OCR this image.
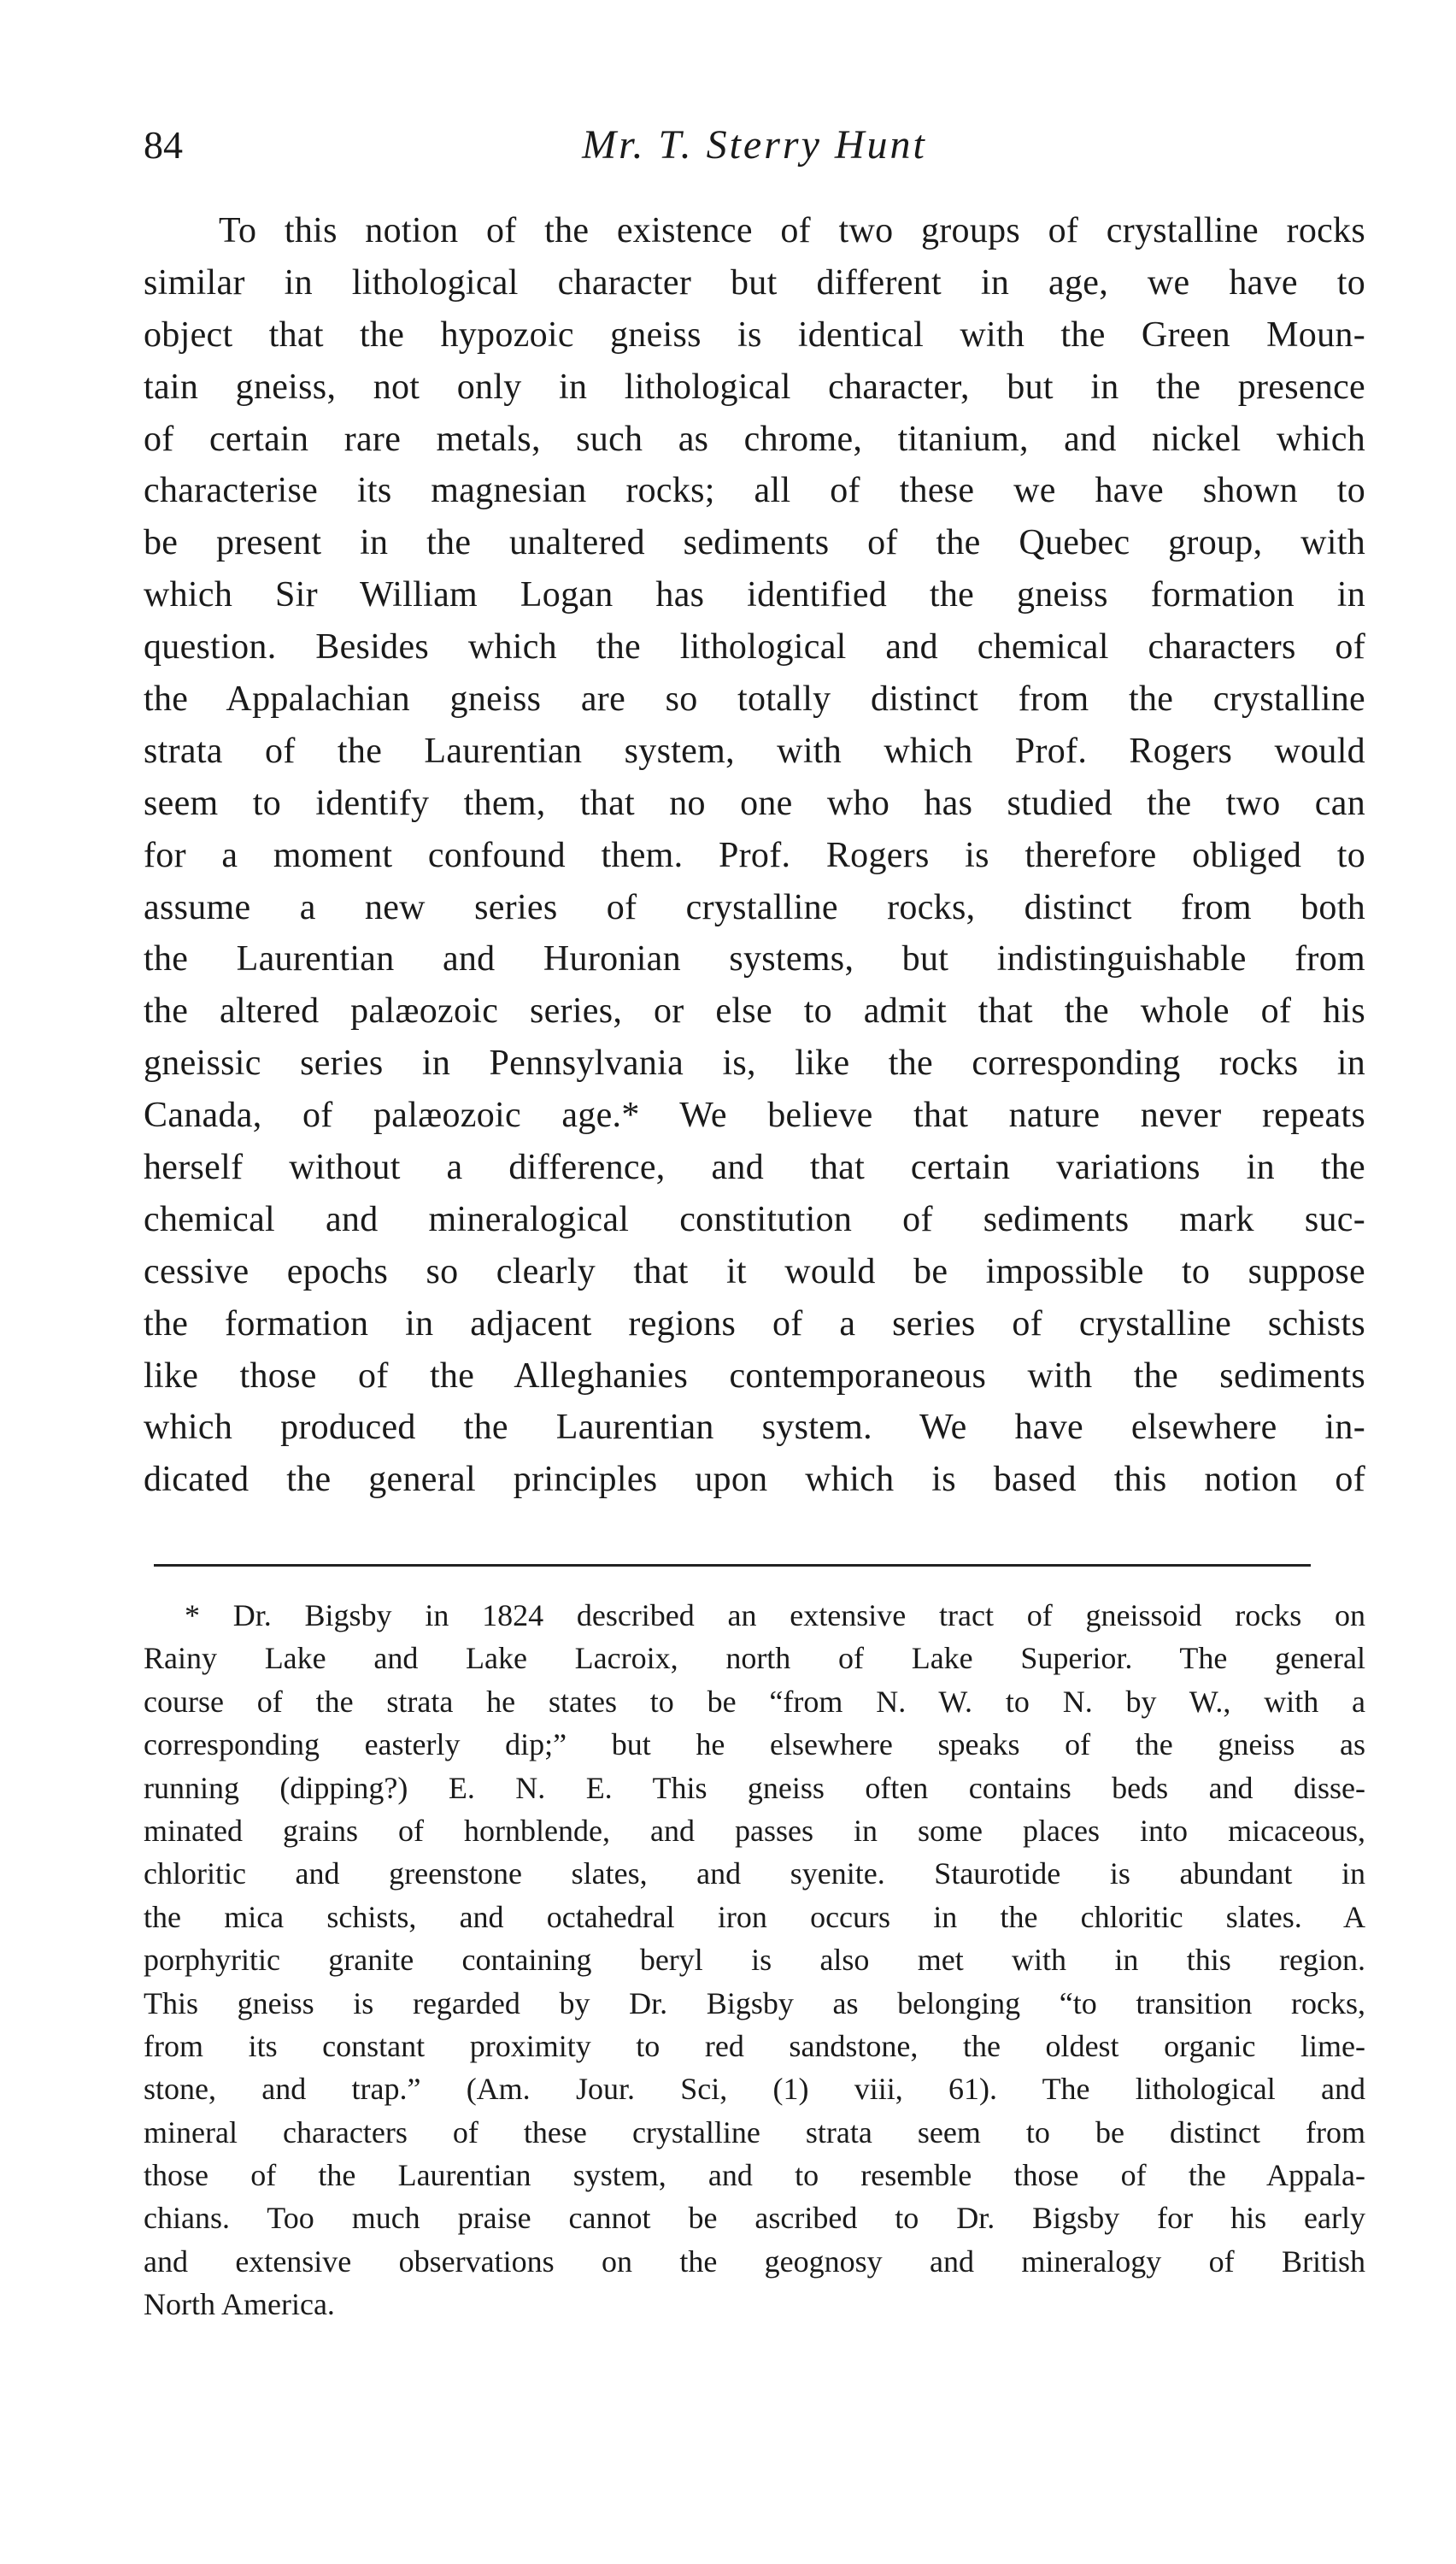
84	Mr. T. Sterry Hunt
To this notion of the existence of two groups of crystalline rocks
similar in lithological character but different in age, we have to
object that the hypozoic gneiss is identical with the Green Moun-
tain gneiss, not only in lithological character, but in the presence
of certain rare metals, such as chrome, titanium, and nickel which
characterise its magnesian rocks; all of these we have shown to
be present in the unaltered sediments of the Quebec group, with
which Sir William Logan has identified the gneiss formation in
question. Besides which the lithological and chemical characters of
the Appalachian gneiss are so totally distinct from the crystalline
strata of the Laurentian system, with which Prof. Rogers would
seem to identify them, that no one who has studied the two can
for a moment confound them. Prof. Rogers is therefore obliged to
assume a new series of crystalline rocks, distinct from both
the Laurentian and Huronian systems, but indistinguishable from
the altered palæozoic series, or else to admit that the whole of his
gneissic series in Pennsylvania is, like the corresponding rocks in
Canada, of palæozoic age.* We believe that nature never repeats
herself without a difference, and that certain variations in the
chemical and mineralogical constitution of sediments mark suc-
cessive epochs so clearly that it would be impossible to suppose
the formation in adjacent regions of a series of crystalline schists
like those of the Alleghanies contemporaneous with the sediments
which produced the Laurentian system. We have elsewhere in-
dicated the general principles upon which is based this notion of
* Dr. Bigsby in 1824 described an extensive tract of gneissoid rocks on
Rainy Lake and Lake Lacroix, north of Lake Superior. The general
course of the strata he states to be “from N. W. to N. by W., with a
corresponding easterly dip;” but he elsewhere speaks of the gneiss as
running (dipping?) E. N. E. This gneiss often contains beds and disse-
minated grains of hornblende, and passes in some places into micaceous,
chloritic and greenstone slates, and syenite. Staurotide is abundant in
the mica schists, and octahedral iron occurs in the chloritic slates. A
porphyritic granite containing beryl is also met with in this region.
This gneiss is regarded by Dr. Bigsby as belonging “to transition rocks,
from its constant proximity to red sandstone, the oldest organic lime-
stone, and trap.” (Am. Jour. Sci, (1) viii, 61). The lithological and
mineral characters of these crystalline strata seem to be distinct from
those of the Laurentian system, and to resemble those of the Appala-
chians. Too much praise cannot be ascribed to Dr. Bigsby for his early
and extensive observations on the geognosy and mineralogy of British
North America.
